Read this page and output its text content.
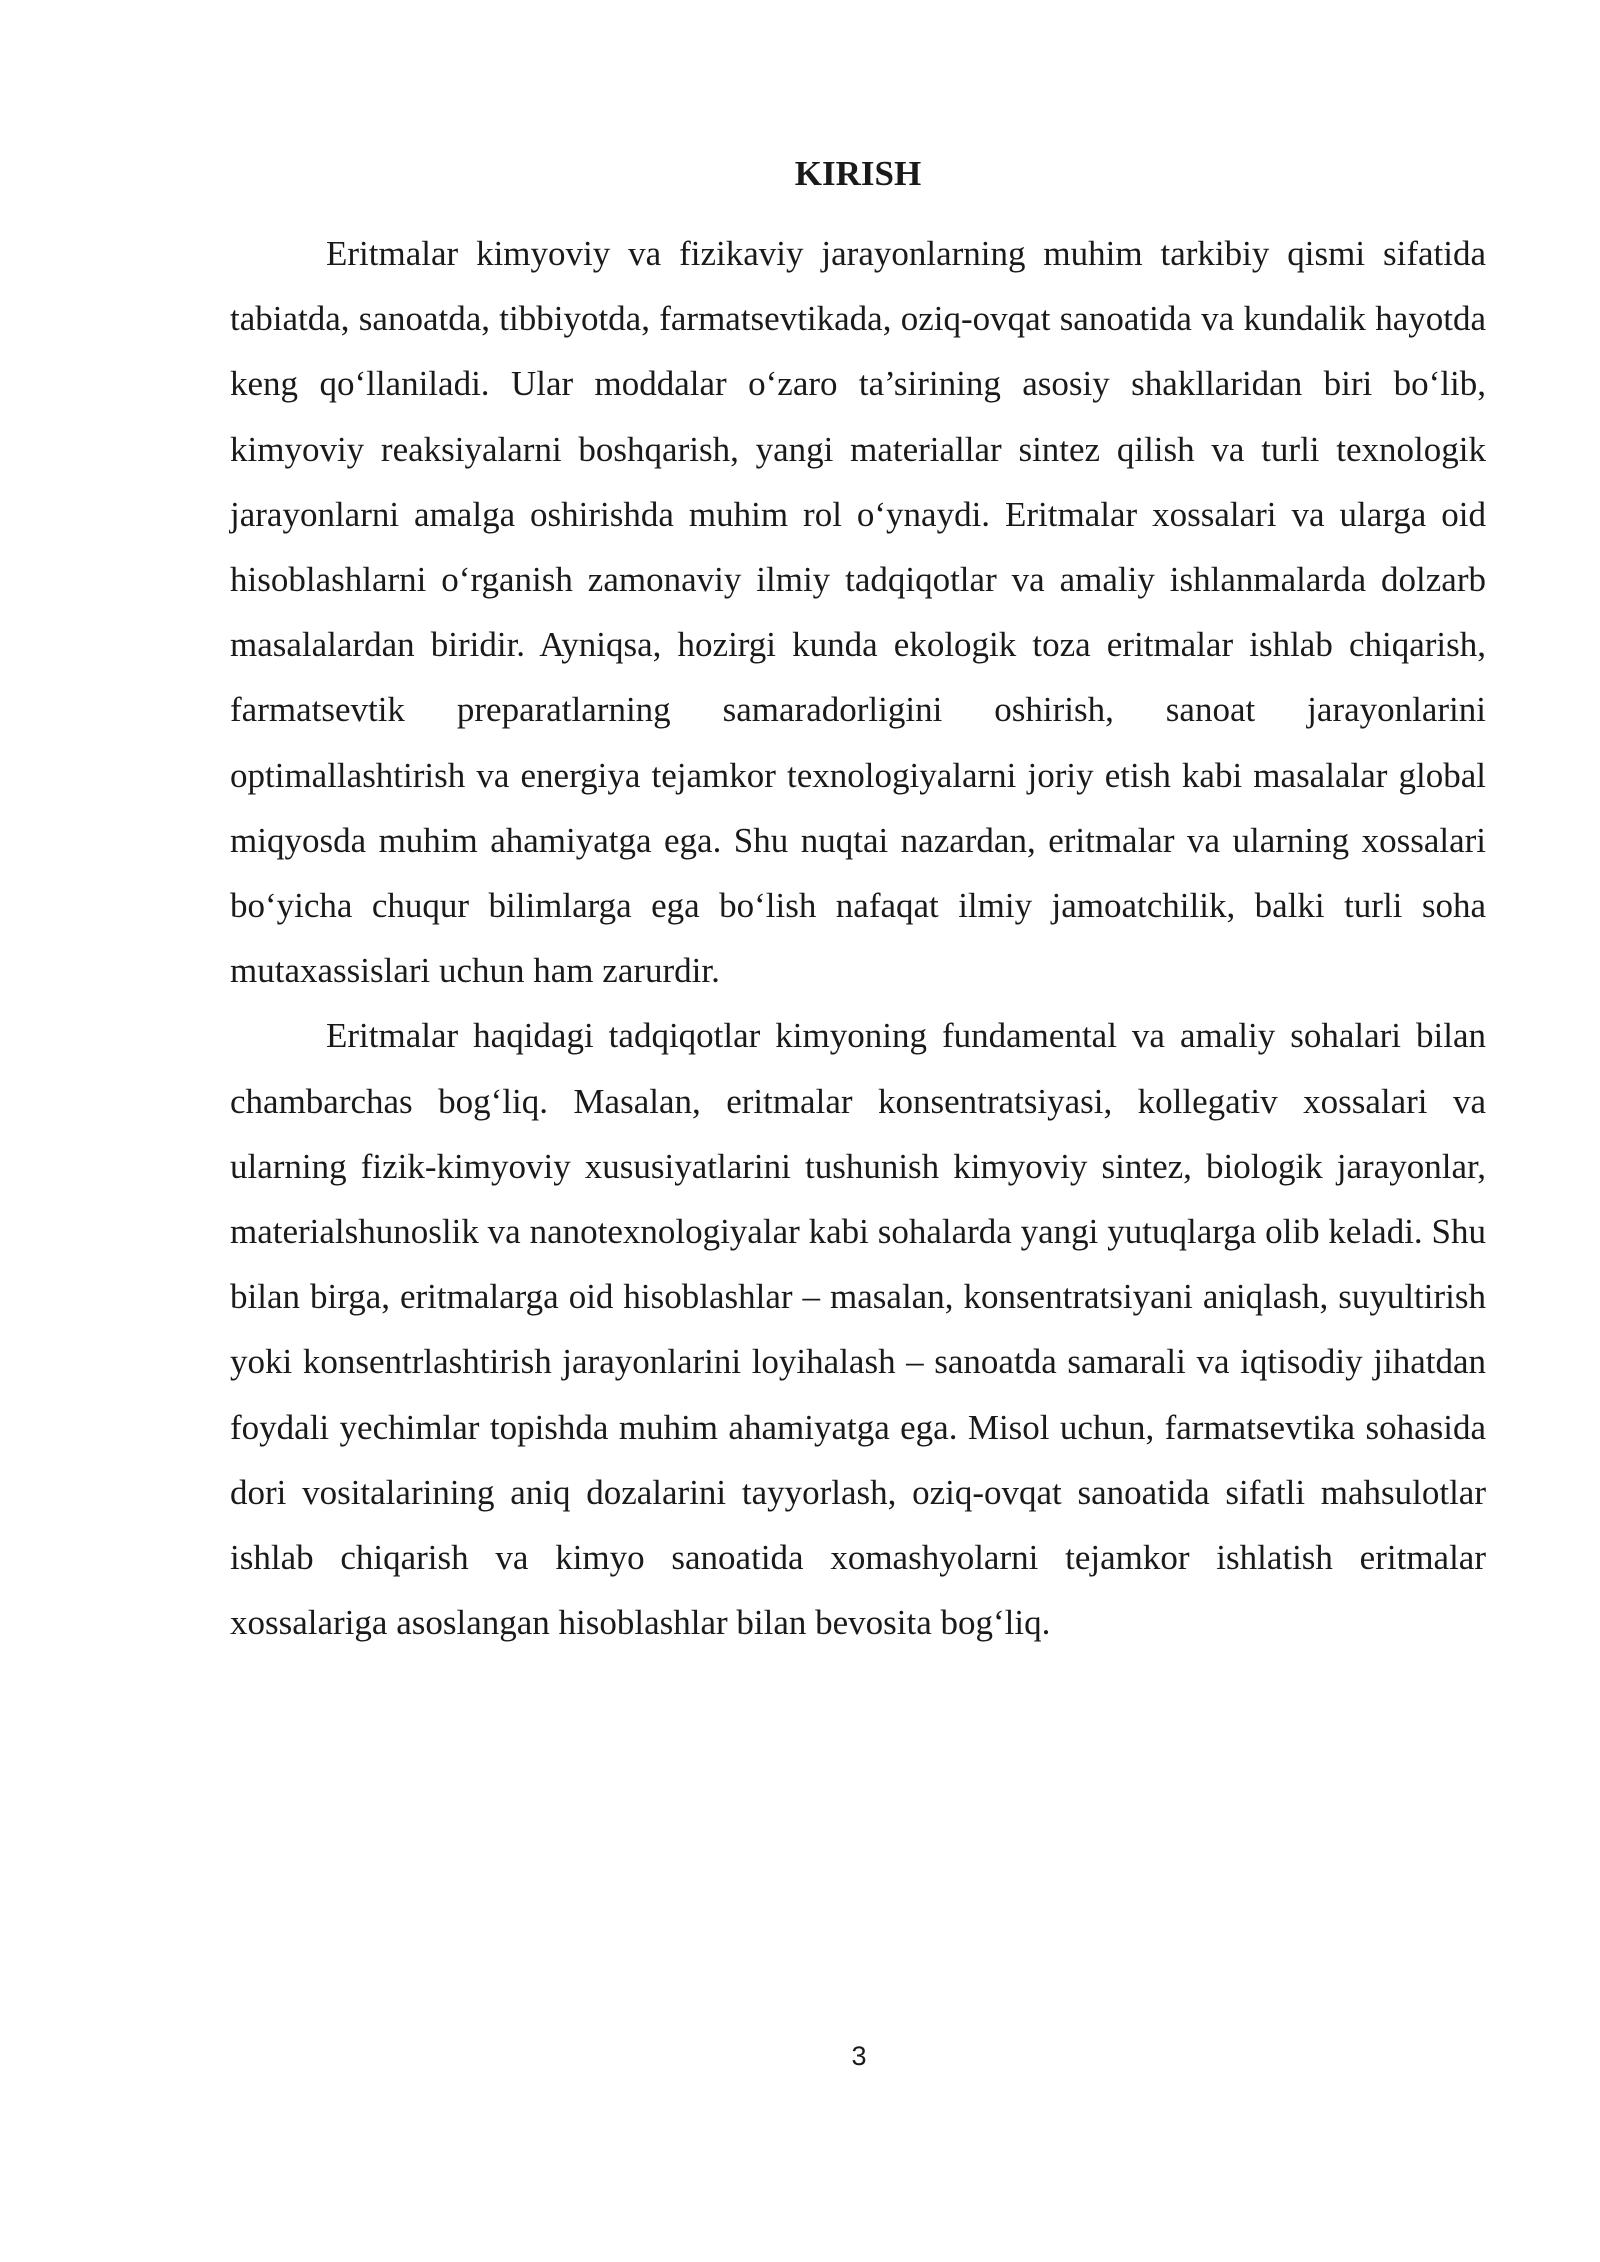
KIRISH

Eritmalar kimyoviy va fizikaviy jarayonlarning muhim tarkibiy qismi sifatida tabiatda, sanoatda, tibbiyotda, farmatsevtikada, oziq-ovqat sanoatida va kundalik hayotda keng qo‘llaniladi. Ular moddalar o‘zaro ta’sirining asosiy shakllaridan biri bo‘lib, kimyoviy reaksiyalarni boshqarish, yangi materiallar sintez qilish va turli texnologik jarayonlarni amalga oshirishda muhim rol o‘ynaydi. Eritmalar xossalari va ularga oid hisoblashlarni o‘rganish zamonaviy ilmiy tadqiqotlar va amaliy ishlanmalarda dolzarb masalalardan biridir. Ayniqsa, hozirgi kunda ekologik toza eritmalar ishlab chiqarish, farmatsevtik preparatlarning samaradorligini oshirish, sanoat jarayonlarini optimallashtirish va energiya tejamkor texnologiyalarni joriy etish kabi masalalar global miqyosda muhim ahamiyatga ega. Shu nuqtai nazardan, eritmalar va ularning xossalari bo‘yicha chuqur bilimlarga ega bo‘lish nafaqat ilmiy jamoatchilik, balki turli soha mutaxassislari uchun ham zarurdir.

Eritmalar haqidagi tadqiqotlar kimyoning fundamental va amaliy sohalari bilan chambarchas bog‘liq. Masalan, eritmalar konsentratsiyasi, kollegativ xossalari va ularning fizik-kimyoviy xususiyatlarini tushunish kimyoviy sintez, biologik jarayonlar, materialshunoslik va nanotexnologiyalar kabi sohalarda yangi yutuqlarga olib keladi. Shu bilan birga, eritmalarga oid hisoblashlar – masalan, konsentratsiyani aniqlash, suyultirish yoki konsentrlashtirish jarayonlarini loyihalash – sanoatda samarali va iqtisodiy jihatdan foydali yechimlar topishda muhim ahamiyatga ega. Misol uchun, farmatsevtika sohasida dori vositalarining aniq dozalarini tayyorlash, oziq-ovqat sanoatida sifatli mahsulotlar ishlab chiqarish va kimyo sanoatida xomashyolarni tejamkor ishlatish eritmalar xossalariga asoslangan hisoblashlar bilan bevosita bog‘liq.

3
